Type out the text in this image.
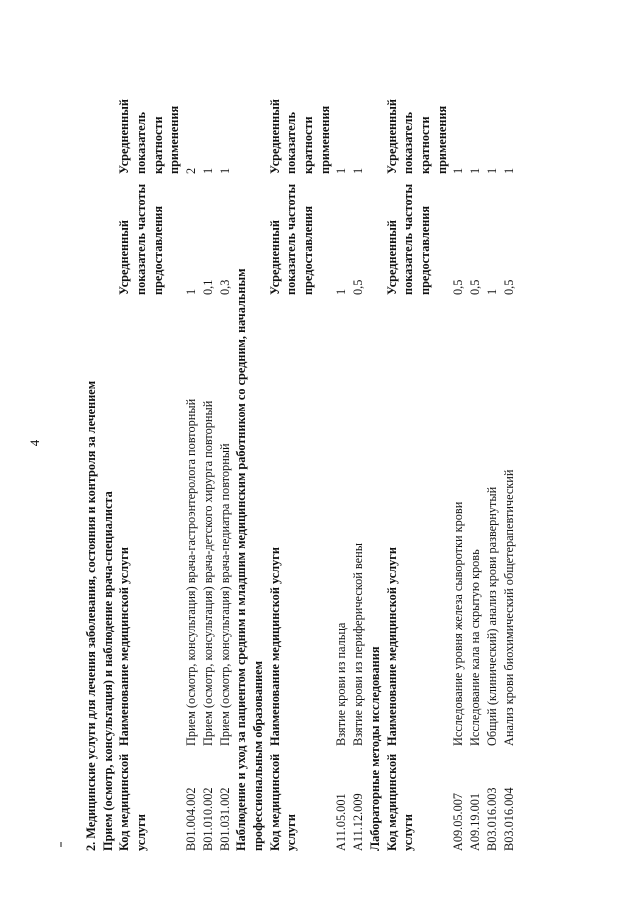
4	2. Медицинские услуги для лечения заболевания, состояния и контроля за лечением Прием (осмотр, консультация) и наблюдение врача-специалиста Код медицинской услуги
Наименование медицинской услуги
Усредненный показатель частоты предоставления
Усредненный показатель кратности применения
B01.004.002
Прием (осмотр, консультация) врача-гастроэнтеролога повторный
1
2
B01.010.002
Прием (осмотр, консультация) врача-детского хирурга повторный
0,1
1
B01.031.002
Прием (осмотр, консультация) врача-педиатра повторный
0,3
1
Наблюдение и уход за пациентом средним и младшим медицинским работником со средним, начальным профессиональным образованием Код медицинской услуги
Наименование медицинской услуги
Усредненный показатель частоты предоставления
Усредненный показатель кратности применения
A11.05.001
Взятие крови из пальца
1
1
A11.12.009
Взятие крови из периферической вены
0,5
1
Лабораторные методы исследования Код медицинской услуги
Наименование медицинской услуги
Усредненный показатель частоты предоставления
Усредненный показатель кратности применения
A09.05.007
Исследование уровня железа сыворотки крови
0,5
1
A09.19.001
Исследование кала на скрытую кровь
0,5
1
B03.016.003
Общий (клинический) анализ крови развернутый
1
1
B03.016.004
Анализ крови биохимический общетерапевтический
0,5
1
